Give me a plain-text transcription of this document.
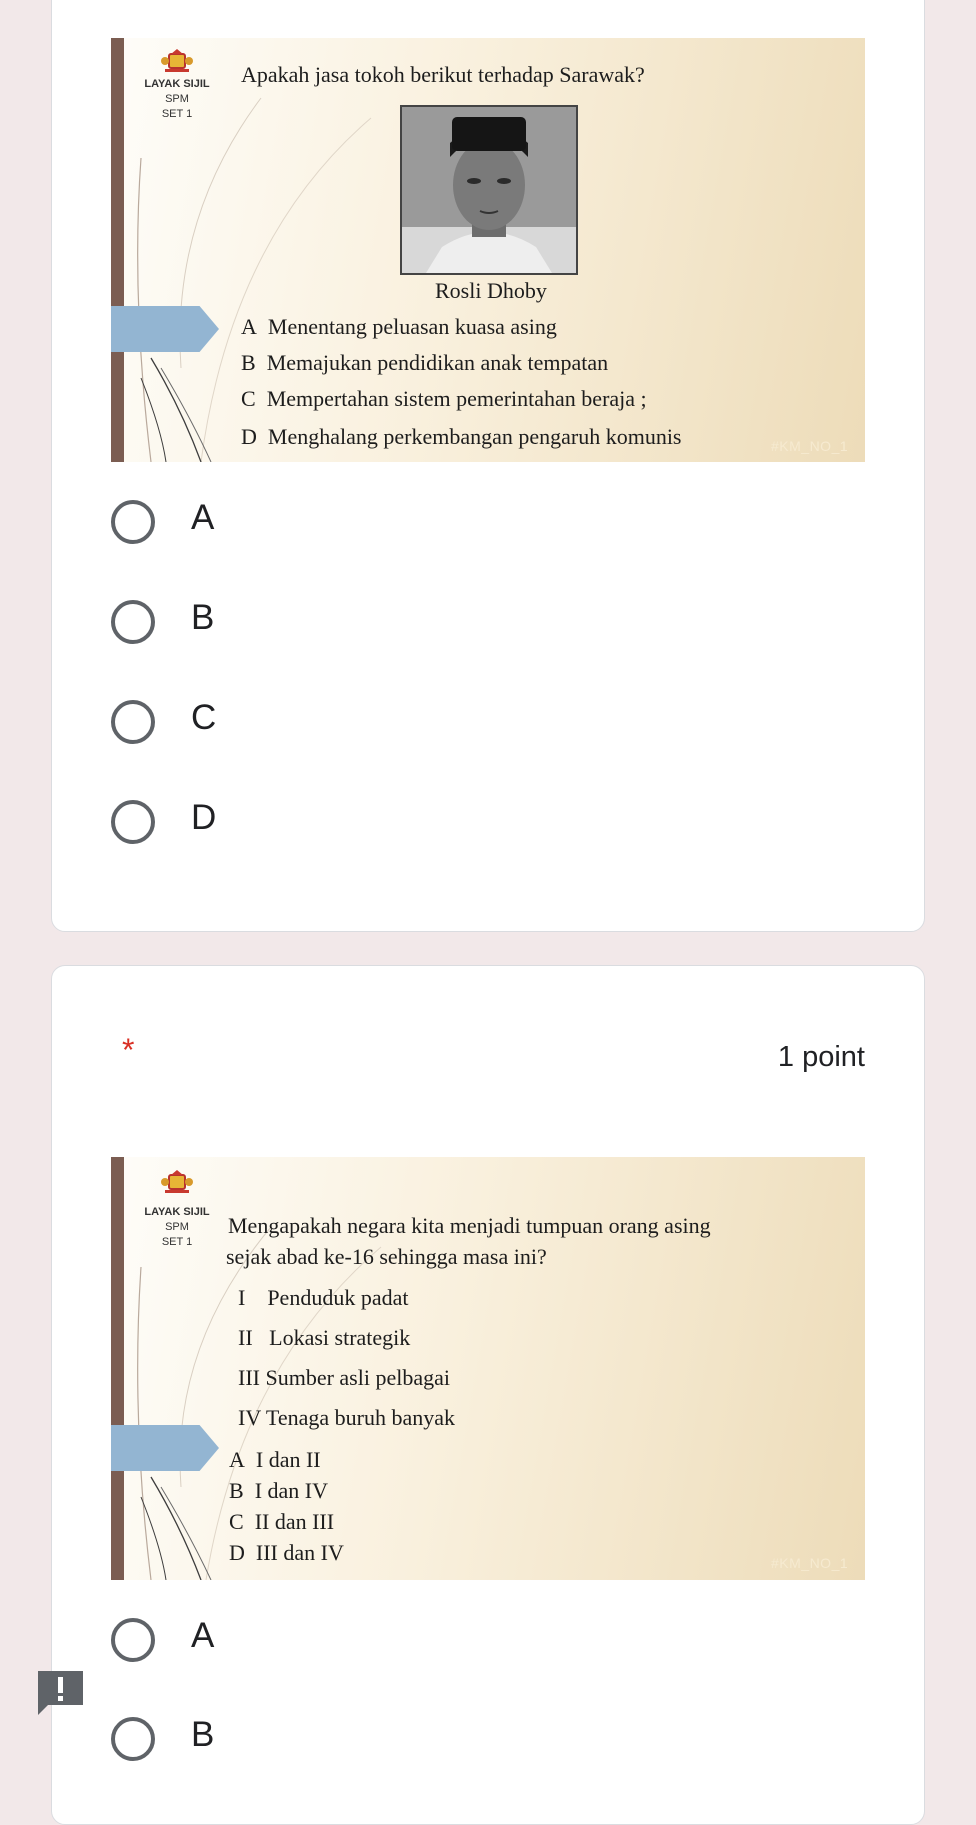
LAYAK SIJIL
SPM
SET 1
Apakah jasa tokoh berikut terhadap Sarawak?
Rosli Dhoby
A Menentang peluasan kuasa asing
B Memajukan pendidikan anak tempatan
C Mempertahan sistem pemerintahan beraja ;
D Menghalang perkembangan pengaruh komunis	#KM_NO_1
A
B
C
D
*	1 point
LAYAK SIJIL
SPM
SET 1
Mengapakah negara kita menjadi tumpuan orang asing
sejak abad ke-16 sehingga masa ini?
I    Penduduk padat
II   Lokasi strategik
III Sumber asli pelbagai
IV Tenaga buruh banyak
A I dan II
B I dan IV
C II dan III
D III dan IV	#KM_NO_1
A
B
